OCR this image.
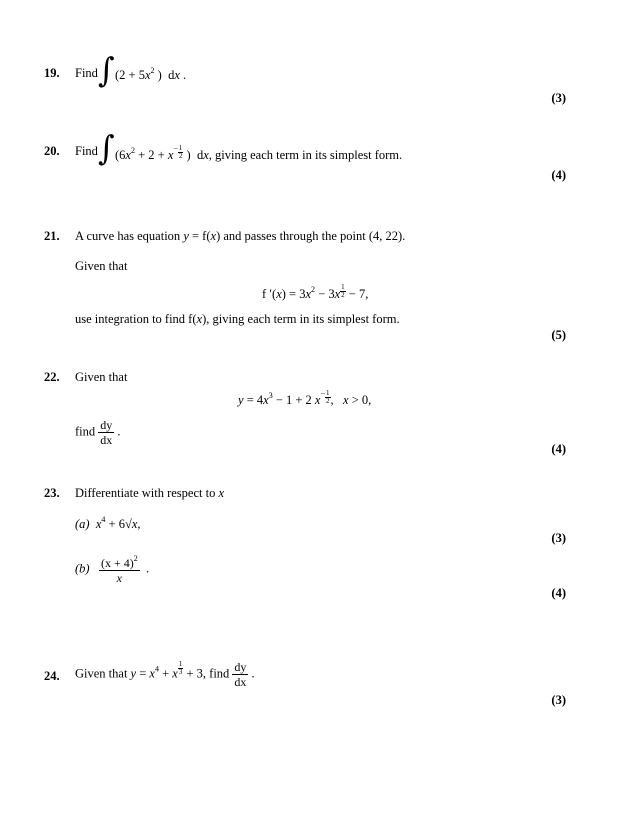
19. Find ∫ ($2 + 5x^2$ ) dx .
(3)
20. Find ∫ ($6x^2 + 2 + x^- \frac{1}{2}$ ) dx, giving each term in its simplest form.
(4)
21. A curve has equation y = f(x) and passes through the point (4, 22).
Given that
f $'(x) = 3x^2 - 3x \frac{1}{2} - 7$,
use integration to find f(x), giving each term in its simplest form.
(5)
22. Given that
$y = 4x^3 - 1 + 2$ $x^- \frac{1}{2}$ , x > 0,
find $\frac{dy}{dx}$ .
(4)
23. Differentiate with respect to x
(a) $x^4 + 6√x$,
(3)
$(b) \frac{(x + 4)^2}{x}$ .
(4)
24. Given that $y = x^4 + x \frac{1}{3} + 3$, find $\frac{dy}{dx}$ .
(3)
